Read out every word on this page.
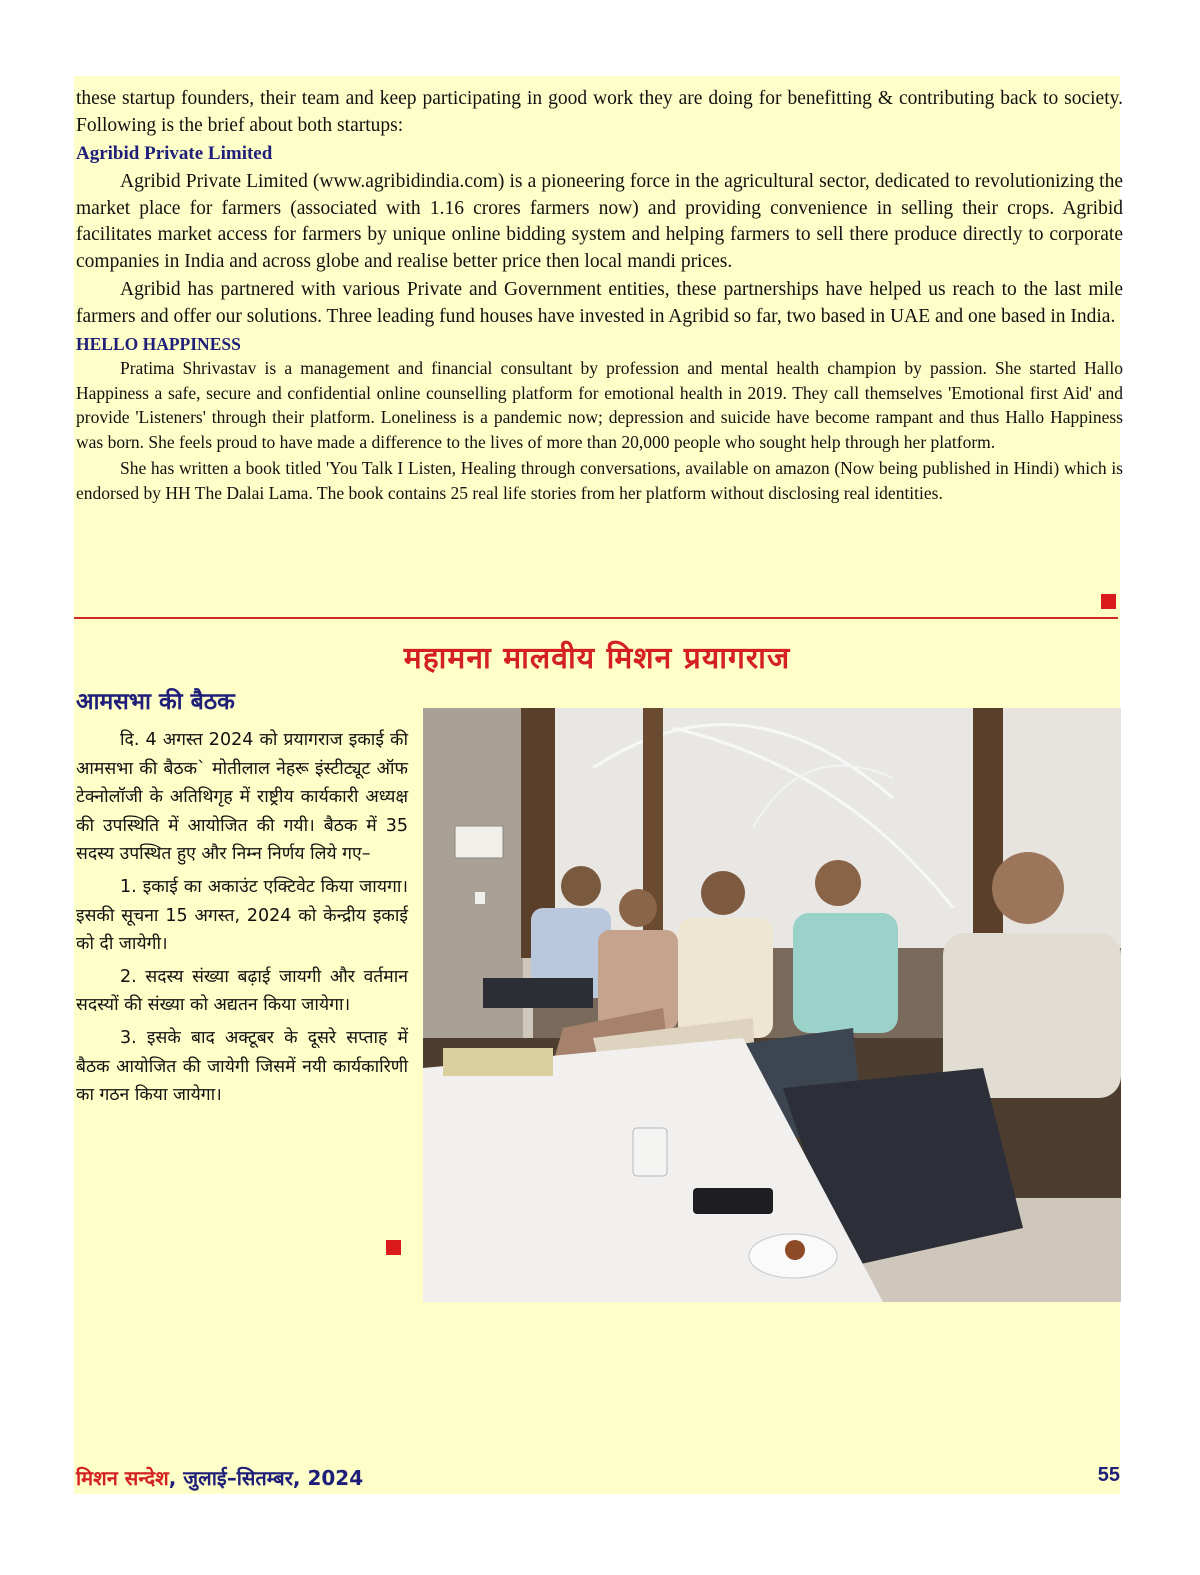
these startup founders, their team and keep participating in good work they are doing for benefitting & contributing back to society. Following is the brief about both startups:

Agribid Private Limited

Agribid Private Limited (www.agribidindia.com) is a pioneering force in the agricultural sector, dedicated to revolutionizing the market place for farmers (associated with 1.16 crores farmers now) and providing convenience in selling their crops. Agribid facilitates market access for farmers by unique online bidding system and helping farmers to sell there produce directly to corporate companies in India and across globe and realise better price then local mandi prices.

Agribid has partnered with various Private and Government entities, these partnerships have helped us reach to the last mile farmers and offer our solutions. Three leading fund houses have invested in Agribid so far, two based in UAE and one based in India.

HELLO HAPPINESS

Pratima Shrivastav is a management and financial consultant by profession and mental health champion by passion. She started Hallo Happiness a safe, secure and confidential online counselling platform for emotional health in 2019. They call themselves 'Emotional first Aid' and provide 'Listeners' through their platform. Loneliness is a pandemic now; depression and suicide have become rampant and thus Hallo Happiness was born. She feels proud to have made a difference to the lives of more than 20,000 people who sought help through her platform.

She has written a book titled 'You Talk I Listen, Healing through conversations, available on amazon (Now being published in Hindi) which is endorsed by HH The Dalai Lama. The book contains 25 real life stories from her platform without disclosing real identities.

महामना मालवीय मिशन प्रयागराज
आमसभा की बैठक

दि. 4 अगस्त 2024 को प्रयागराज इकाई की आमसभा की बैठक` मोतीलाल नेहरू इंस्टीट्यूट ऑफ टेक्नोलॉजी के अतिथिगृह में राष्ट्रीय कार्यकारी अध्यक्ष की उपस्थिति में आयोजित की गयी। बैठक में 35 सदस्य उपस्थित हुए और निम्न निर्णय लिये गए–

1. इकाई का अकाउंट एक्टिवेट किया जायगा। इसकी सूचना 15 अगस्त, 2024 को केन्द्रीय इकाई को दी जायेगी।

2. सदस्य संख्या बढ़ाई जायगी और वर्तमान सदस्यों की संख्या को अद्यतन किया जायेगा।

3. इसके बाद अक्टूबर के दूसरे सप्ताह में बैठक आयोजित की जायेगी जिसमें नयी कार्यकारिणी का गठन किया जायेगा।

मिशन सन्देश, जुलाई–सितम्बर, 2024	55
